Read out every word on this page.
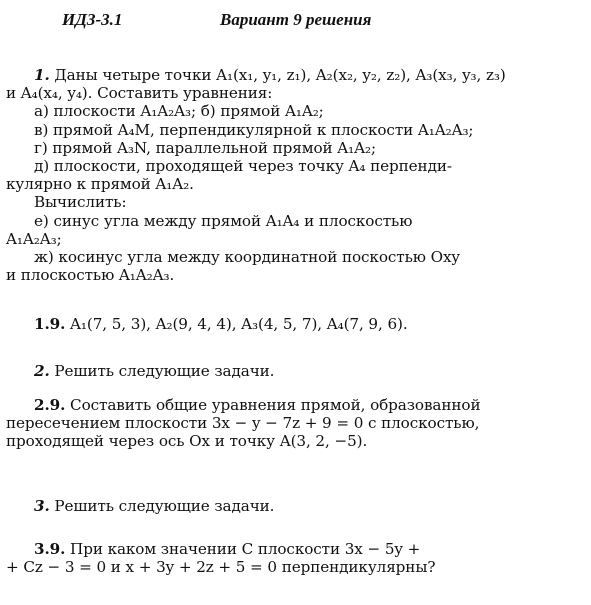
ИДЗ-3.1	Вариант 9 решения
1. Даны четыре точки A₁(x₁, y₁, z₁), A₂(x₂, y₂, z₂), A₃(x₃, y₃, z₃)
и A₄(x₄, y₄). Составить уравнения:
а) плоскости A₁A₂A₃; б) прямой A₁A₂;
в) прямой A₄M, перпендикулярной к плоскости A₁A₂A₃;
г) прямой A₃N, параллельной прямой A₁A₂;
д) плоскости, проходящей через точку A₄ перпенди-
кулярно к прямой A₁A₂.
Вычислить:
е) синус угла между прямой A₁A₄ и плоскостью
A₁A₂A₃;
ж) косинус угла между координатной поскостью Oxy
и плоскостью A₁A₂A₃.
1.9. A₁(7, 5, 3), A₂(9, 4, 4), A₃(4, 5, 7), A₄(7, 9, 6).
2. Решить следующие задачи.
2.9. Составить общие уравнения прямой, образованной
пересечением плоскости 3x − y − 7z + 9 = 0 с плоскостью,
проходящей через ось Ox и точку A(3, 2, −5).
3. Решить следующие задачи.
3.9. При каком значении C плоскости 3x − 5y +
+ Cz − 3 = 0 и x + 3y + 2z + 5 = 0 перпендикулярны?
